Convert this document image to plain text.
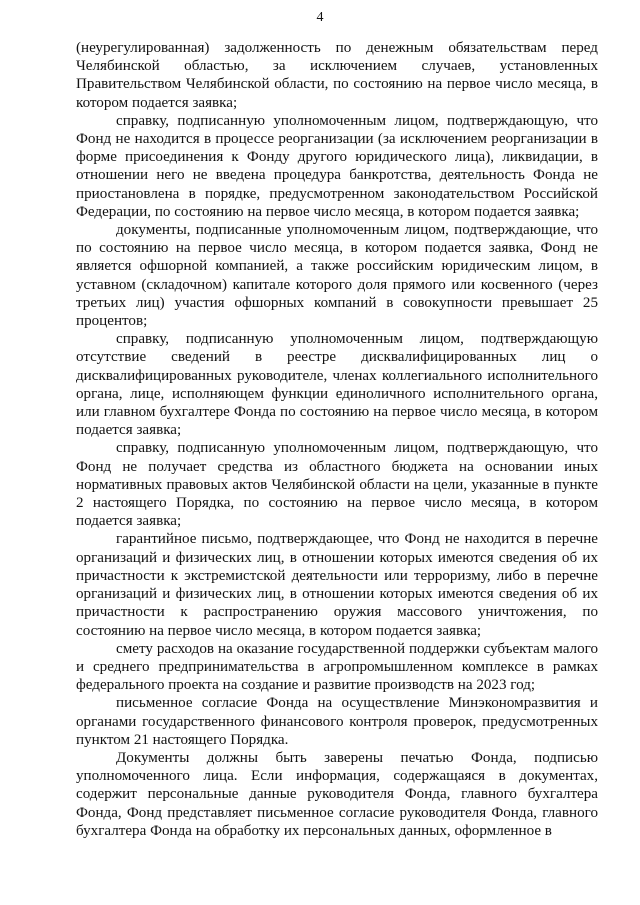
4

(неурегулированная) задолженность по денежным обязательствам перед Челябинской областью, за исключением случаев, установленных Правительством Челябинской области, по состоянию на первое число месяца, в котором подается заявка;

справку, подписанную уполномоченным лицом, подтверждающую, что Фонд не находится в процессе реорганизации (за исключением реорганизации в форме присоединения к Фонду другого юридического лица), ликвидации, в отношении него не введена процедура банкротства, деятельность Фонда не приостановлена в порядке, предусмотренном законодательством Российской Федерации, по состоянию на первое число месяца, в котором подается заявка;

документы, подписанные уполномоченным лицом, подтверждающие, что по состоянию на первое число месяца, в котором подается заявка, Фонд не является офшорной компанией, а также российским юридическим лицом, в уставном (складочном) капитале которого доля прямого или косвенного (через третьих лиц) участия офшорных компаний в совокупности превышает 25 процентов;

справку, подписанную уполномоченным лицом, подтверждающую отсутствие сведений в реестре дисквалифицированных лиц о дисквалифицированных руководителе, членах коллегиального исполнительного органа, лице, исполняющем функции единоличного исполнительного органа, или главном бухгалтере Фонда по состоянию на первое число месяца, в котором подается заявка;

справку, подписанную уполномоченным лицом, подтверждающую, что Фонд не получает средства из областного бюджета на основании иных нормативных правовых актов Челябинской области на цели, указанные в пункте 2 настоящего Порядка, по состоянию на первое число месяца, в котором подается заявка;

гарантийное письмо, подтверждающее, что Фонд не находится в перечне организаций и физических лиц, в отношении которых имеются сведения об их причастности к экстремистской деятельности или терроризму, либо в перечне организаций и физических лиц, в отношении которых имеются сведения об их причастности к распространению оружия массового уничтожения, по состоянию на первое число месяца, в котором подается заявка;

смету расходов на оказание государственной поддержки субъектам малого и среднего предпринимательства в агропромышленном комплексе в рамках федерального проекта на создание и развитие производств на 2023 год;

письменное согласие Фонда на осуществление Минэкономразвития и органами государственного финансового контроля проверок, предусмотренных пунктом 21 настоящего Порядка.

Документы должны быть заверены печатью Фонда, подписью уполномоченного лица. Если информация, содержащаяся в документах, содержит персональные данные руководителя Фонда, главного бухгалтера Фонда, Фонд представляет письменное согласие руководителя Фонда, главного бухгалтера Фонда на обработку их персональных данных, оформленное в
